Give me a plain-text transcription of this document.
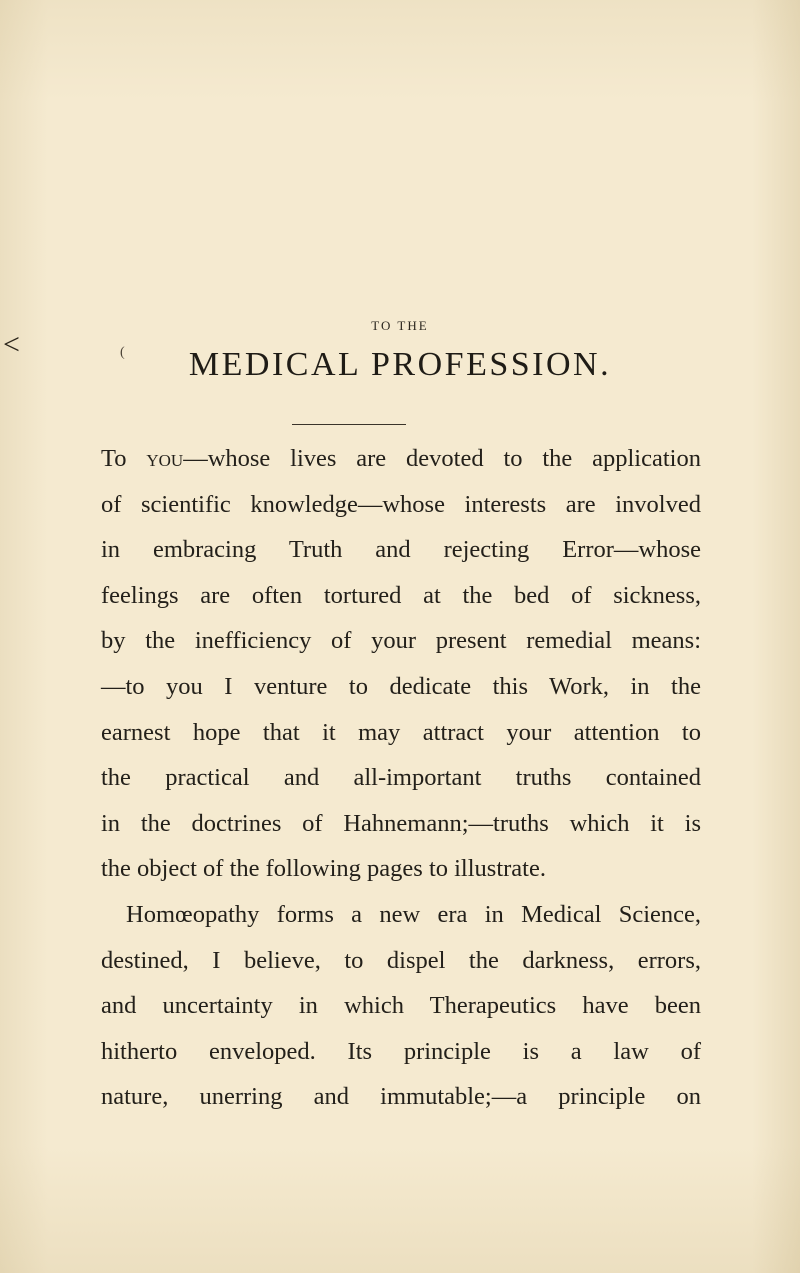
<	(
TO THE
MEDICAL PROFESSION.
To you—whose lives are devoted to the application
of scientific knowledge—whose interests are involved
in embracing Truth and rejecting Error—whose
feelings are often tortured at the bed of sickness,
by the inefficiency of your present remedial means:
—to you I venture to dedicate this Work, in the
earnest hope that it may attract your attention to
the practical and all-important truths contained
in the doctrines of Hahnemann;—truths which it is
the object of the following pages to illustrate.
Homœopathy forms a new era in Medical Science,
destined, I believe, to dispel the darkness, errors,
and uncertainty in which Therapeutics have been
hitherto enveloped. Its principle is a law of
nature, unerring and immutable;—a principle on
